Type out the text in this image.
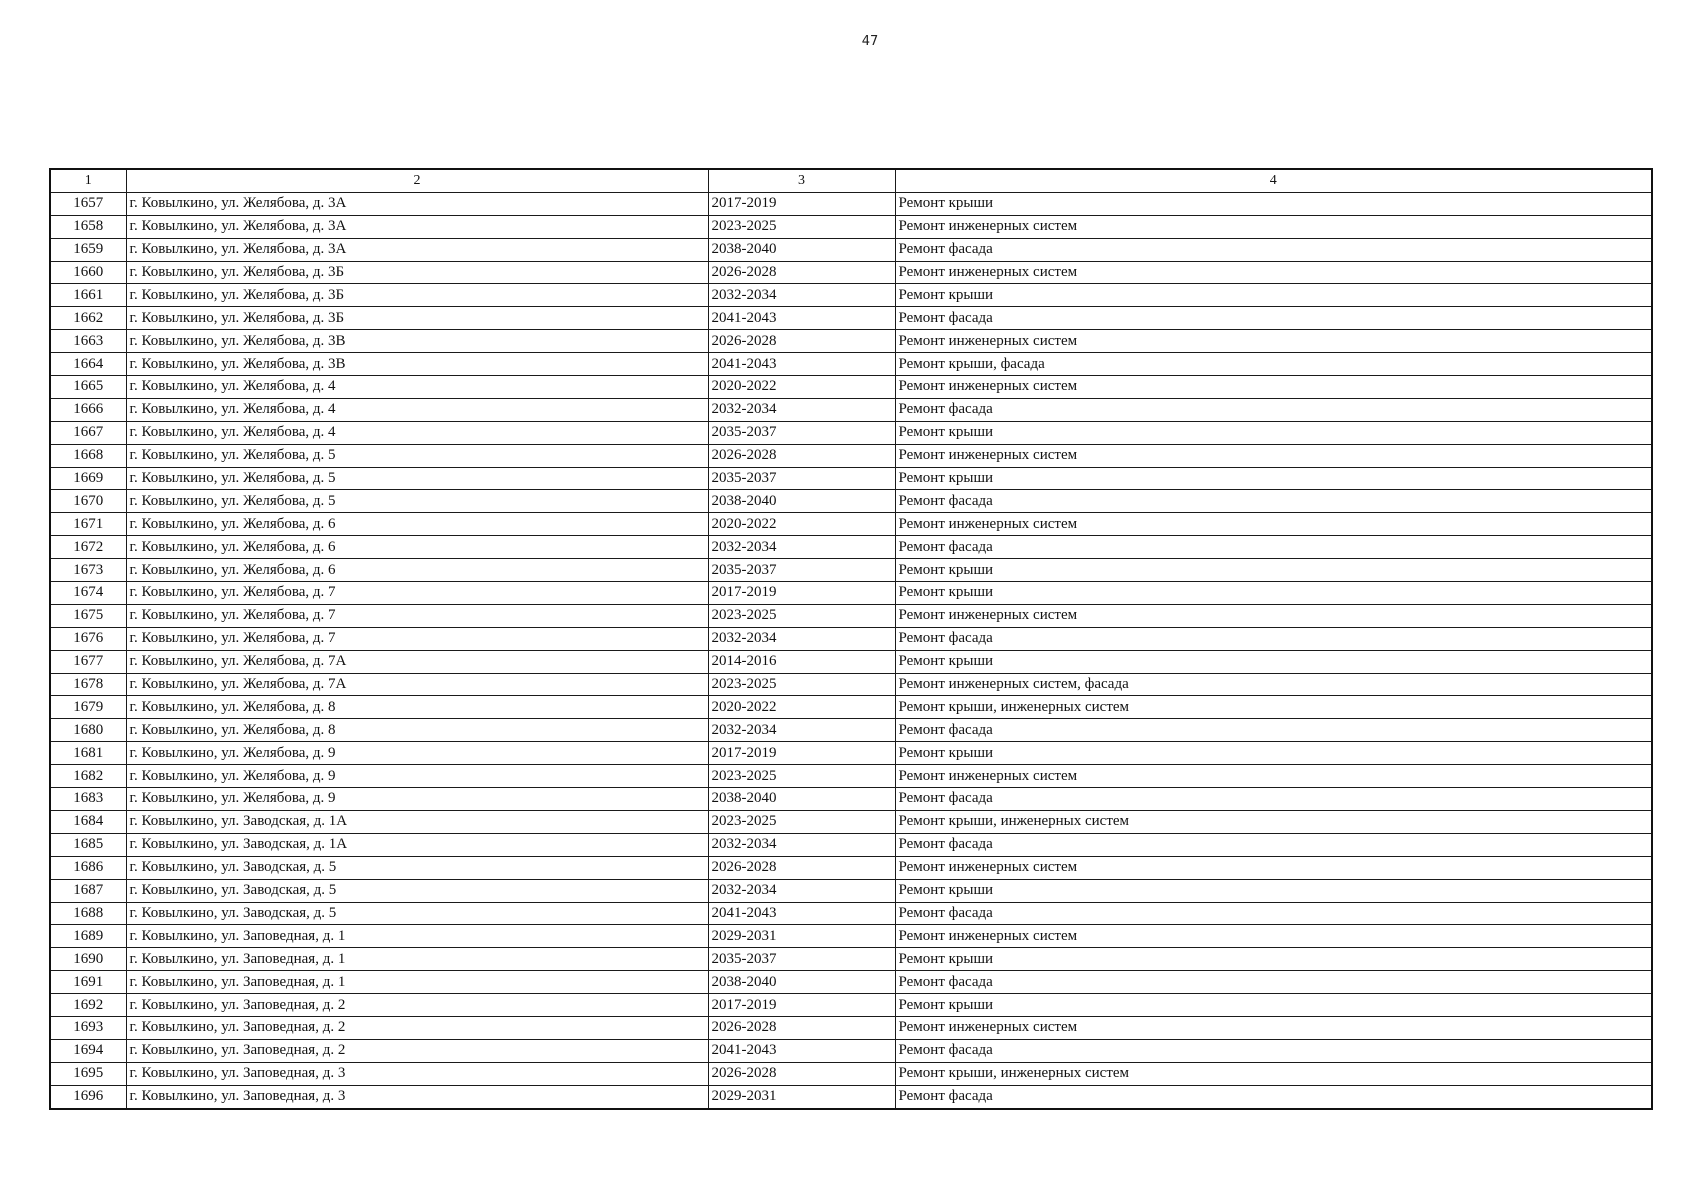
47
1	2	3	4
1657	г. Ковылкино, ул. Желябова, д. 3А	2017-2019	Ремонт крыши
1658	г. Ковылкино, ул. Желябова, д. 3А	2023-2025	Ремонт инженерных систем
1659	г. Ковылкино, ул. Желябова, д. 3А	2038-2040	Ремонт фасада
1660	г. Ковылкино, ул. Желябова, д. 3Б	2026-2028	Ремонт инженерных систем
1661	г. Ковылкино, ул. Желябова, д. 3Б	2032-2034	Ремонт крыши
1662	г. Ковылкино, ул. Желябова, д. 3Б	2041-2043	Ремонт фасада
1663	г. Ковылкино, ул. Желябова, д. 3В	2026-2028	Ремонт инженерных систем
1664	г. Ковылкино, ул. Желябова, д. 3В	2041-2043	Ремонт крыши, фасада
1665	г. Ковылкино, ул. Желябова, д. 4	2020-2022	Ремонт инженерных систем
1666	г. Ковылкино, ул. Желябова, д. 4	2032-2034	Ремонт фасада
1667	г. Ковылкино, ул. Желябова, д. 4	2035-2037	Ремонт крыши
1668	г. Ковылкино, ул. Желябова, д. 5	2026-2028	Ремонт инженерных систем
1669	г. Ковылкино, ул. Желябова, д. 5	2035-2037	Ремонт крыши
1670	г. Ковылкино, ул. Желябова, д. 5	2038-2040	Ремонт фасада
1671	г. Ковылкино, ул. Желябова, д. 6	2020-2022	Ремонт инженерных систем
1672	г. Ковылкино, ул. Желябова, д. 6	2032-2034	Ремонт фасада
1673	г. Ковылкино, ул. Желябова, д. 6	2035-2037	Ремонт крыши
1674	г. Ковылкино, ул. Желябова, д. 7	2017-2019	Ремонт крыши
1675	г. Ковылкино, ул. Желябова, д. 7	2023-2025	Ремонт инженерных систем
1676	г. Ковылкино, ул. Желябова, д. 7	2032-2034	Ремонт фасада
1677	г. Ковылкино, ул. Желябова, д. 7А	2014-2016	Ремонт крыши
1678	г. Ковылкино, ул. Желябова, д. 7А	2023-2025	Ремонт инженерных систем, фасада
1679	г. Ковылкино, ул. Желябова, д. 8	2020-2022	Ремонт крыши, инженерных систем
1680	г. Ковылкино, ул. Желябова, д. 8	2032-2034	Ремонт фасада
1681	г. Ковылкино, ул. Желябова, д. 9	2017-2019	Ремонт крыши
1682	г. Ковылкино, ул. Желябова, д. 9	2023-2025	Ремонт инженерных систем
1683	г. Ковылкино, ул. Желябова, д. 9	2038-2040	Ремонт фасада
1684	г. Ковылкино, ул. Заводская, д. 1А	2023-2025	Ремонт крыши, инженерных систем
1685	г. Ковылкино, ул. Заводская, д. 1А	2032-2034	Ремонт фасада
1686	г. Ковылкино, ул. Заводская, д. 5	2026-2028	Ремонт инженерных систем
1687	г. Ковылкино, ул. Заводская, д. 5	2032-2034	Ремонт крыши
1688	г. Ковылкино, ул. Заводская, д. 5	2041-2043	Ремонт фасада
1689	г. Ковылкино, ул. Заповедная, д. 1	2029-2031	Ремонт инженерных систем
1690	г. Ковылкино, ул. Заповедная, д. 1	2035-2037	Ремонт крыши
1691	г. Ковылкино, ул. Заповедная, д. 1	2038-2040	Ремонт фасада
1692	г. Ковылкино, ул. Заповедная, д. 2	2017-2019	Ремонт крыши
1693	г. Ковылкино, ул. Заповедная, д. 2	2026-2028	Ремонт инженерных систем
1694	г. Ковылкино, ул. Заповедная, д. 2	2041-2043	Ремонт фасада
1695	г. Ковылкино, ул. Заповедная, д. 3	2026-2028	Ремонт крыши, инженерных систем
1696	г. Ковылкино, ул. Заповедная, д. 3	2029-2031	Ремонт фасада
